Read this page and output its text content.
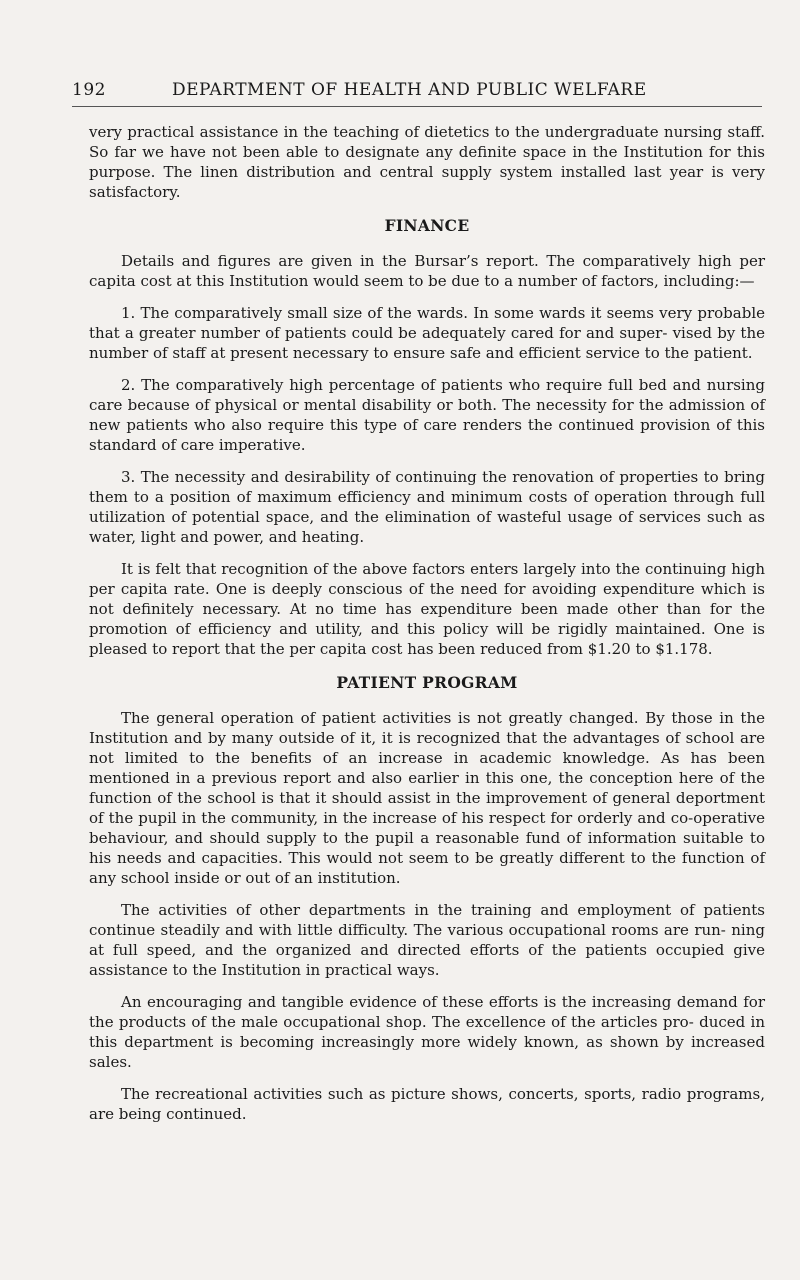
192	DEPARTMENT OF HEALTH AND PUBLIC WELFARE

very practical assistance in the teaching of dietetics to the undergraduate nursing staff. So far we have not been able to designate any definite space in the Institution for this purpose. The linen distribution and central supply system installed last year is very satisfactory.

FINANCE

Details and figures are given in the Bursar’s report. The comparatively high per capita cost at this Institution would seem to be due to a number of factors, including:—

1. The comparatively small size of the wards. In some wards it seems very probable that a greater number of patients could be adequately cared for and super- vised by the number of staff at present necessary to ensure safe and efficient service to the patient.

2. The comparatively high percentage of patients who require full bed and nursing care because of physical or mental disability or both. The necessity for the admission of new patients who also require this type of care renders the continued provision of this standard of care imperative.

3. The necessity and desirability of continuing the renovation of properties to bring them to a position of maximum efficiency and minimum costs of operation through full utilization of potential space, and the elimination of wasteful usage of services such as water, light and power, and heating.

It is felt that recognition of the above factors enters largely into the continuing high per capita rate. One is deeply conscious of the need for avoiding expenditure which is not definitely necessary. At no time has expenditure been made other than for the promotion of efficiency and utility, and this policy will be rigidly maintained. One is pleased to report that the per capita cost has been reduced from $1.20 to $1.178.

PATIENT PROGRAM

The general operation of patient activities is not greatly changed. By those in the Institution and by many outside of it, it is recognized that the advantages of school are not limited to the benefits of an increase in academic knowledge. As has been mentioned in a previous report and also earlier in this one, the conception here of the function of the school is that it should assist in the improvement of general deportment of the pupil in the community, in the increase of his respect for orderly and co-operative behaviour, and should supply to the pupil a reasonable fund of information suitable to his needs and capacities. This would not seem to be greatly different to the function of any school inside or out of an institution.

The activities of other departments in the training and employment of patients continue steadily and with little difficulty. The various occupational rooms are run- ning at full speed, and the organized and directed efforts of the patients occupied give assistance to the Institution in practical ways.

An encouraging and tangible evidence of these efforts is the increasing demand for the products of the male occupational shop. The excellence of the articles pro- duced in this department is becoming increasingly more widely known, as shown by increased sales.

The recreational activities such as picture shows, concerts, sports, radio programs, are being continued.
